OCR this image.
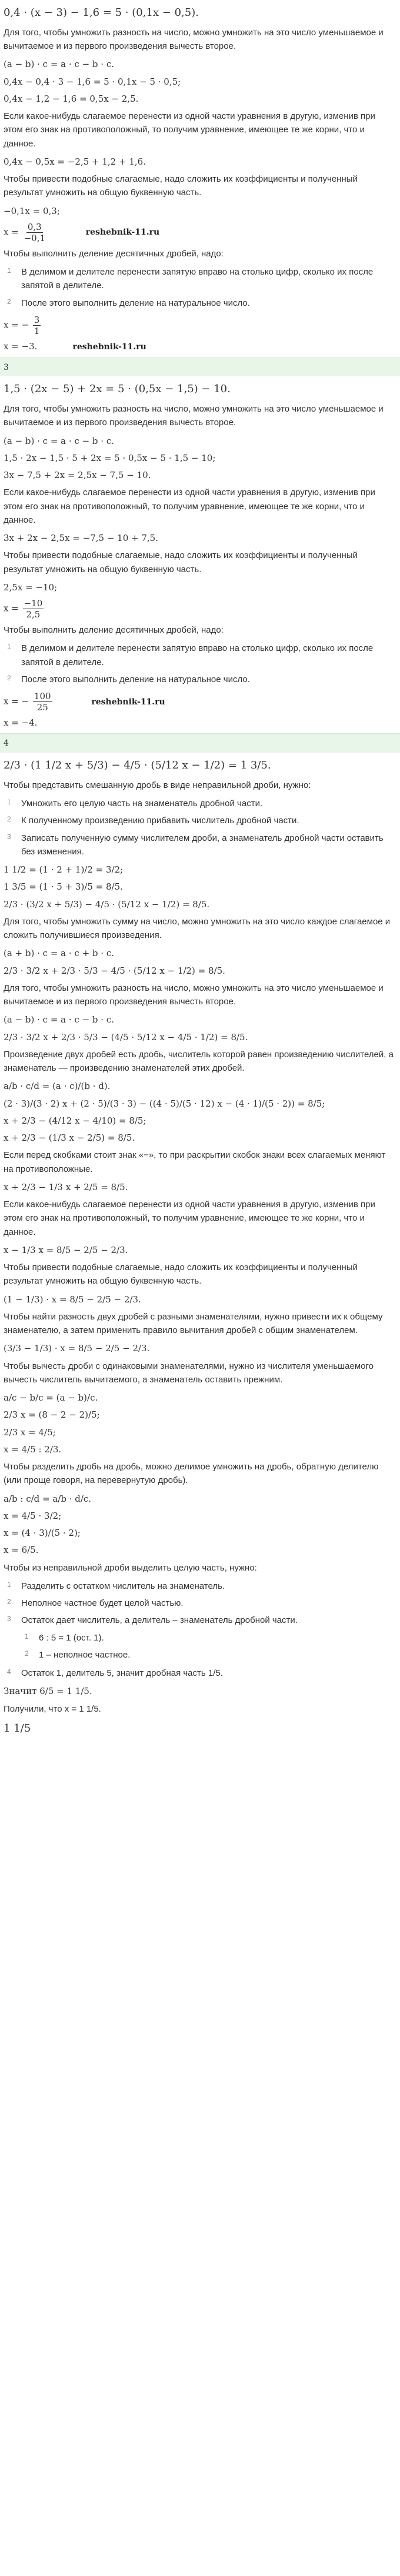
0,4 · (x − 3) − 1,6 = 5 · (0,1x − 0,5).

Для того, чтобы умножить разность на число, можно умножить на это число уменьшаемое и вычитаемое и из первого произведения вычесть второе.

(a − b) · c = a · c − b · c.
0,4x − 0,4 · 3 − 1,6 = 5 · 0,1x − 5 · 0,5;
0,4x − 1,2 − 1,6 = 0,5x − 2,5.

Если какое-нибудь слагаемое перенести из одной части уравнения в другую, изменив при этом его знак на противоположный, то получим уравнение, имеющее те же корни, что и данное.

0,4x − 0,5x = −2,5 + 1,2 + 1,6.

Чтобы привести подобные слагаемые, надо сложить их коэффициенты и полученный результат умножить на общую буквенную часть.

−0,1x = 0,3;
$x = \frac{0,3}{-0,1}$	reshebnik-11.ru

Чтобы выполнить деление десятичных дробей, надо:

В делимом и делителе перенести запятую вправо на столько цифр, сколько их после запятой в делителе.
После этого выполнить деление на натуральное число.
x = − $\frac{3}{1}$
x = −3.	reshebnik-11.ru
3
1,5 · (2x − 5) + 2x = 5 · (0,5x − 1,5) − 10.

Для того, чтобы умножить разность на число, можно умножить на это число уменьшаемое и вычитаемое и из первого произведения вычесть второе.

(a − b) · c = a · c − b · c.
1,5 · 2x − 1,5 · 5 + 2x = 5 · 0,5x − 5 · 1,5 − 10;
3x − 7,5 + 2x = 2,5x − 7,5 − 10.

Если какое-нибудь слагаемое перенести из одной части уравнения в другую, изменив при этом его знак на противоположный, то получим уравнение, имеющее те же корни, что и данное.

3x + 2x − 2,5x = −7,5 − 10 + 7,5.

Чтобы привести подобные слагаемые, надо сложить их коэффициенты и полученный результат умножить на общую буквенную часть.

2,5x = −10;
$x = \frac{-10}{2,5}$

Чтобы выполнить деление десятичных дробей, надо:

В делимом и делителе перенести запятую вправо на столько цифр, сколько их после запятой в делителе.
После этого выполнить деление на натуральное число.
x = − $\frac{100}{25}$	reshebnik-11.ru
x = −4.
4
2/3 · (1 1/2 x + 5/3) − 4/5 · (5/12 x − 1/2) = 1 3/5.

Чтобы представить смешанную дробь в виде неправильной дроби, нужно:

Умножить его целую часть на знаменатель дробной части.
К полученному произведению прибавить числитель дробной части.
Записать полученную сумму числителем дроби, а знаменатель дробной части оставить без изменения.
1 1/2 = (1 · 2 + 1)/2 = 3/2;
1 3/5 = (1 · 5 + 3)/5 = 8/5.
2/3 · (3/2 x + 5/3) − 4/5 · (5/12 x − 1/2) = 8/5.

Для того, чтобы умножить сумму на число, можно умножить на это число каждое слагаемое и сложить получившиеся произведения.

(a + b) · c = a · c + b · c.
2/3 · 3/2 x + 2/3 · 5/3 − 4/5 · (5/12 x − 1/2) = 8/5.

Для того, чтобы умножить разность на число, можно умножить на это число уменьшаемое и вычитаемое и из первого произведения вычесть второе.

(a − b) · c = a · c − b · c.
2/3 · 3/2 x + 2/3 · 5/3 − (4/5 · 5/12 x − 4/5 · 1/2) = 8/5.

Произведение двух дробей есть дробь, числитель которой равен произведению числителей, а знаменатель — произведению знаменателей этих дробей.

a/b · c/d = (a · c)/(b · d).
(2 · 3)/(3 · 2) x + (2 · 5)/(3 · 3) − ((4 · 5)/(5 · 12) x − (4 · 1)/(5 · 2)) = 8/5;
x + 2/3 − (4/12 x − 4/10) = 8/5;
x + 2/3 − (1/3 x − 2/5) = 8/5.

Если перед скобками стоит знак «−», то при раскрытии скобок знаки всех слагаемых меняют на противоположные.

x + 2/3 − 1/3 x + 2/5 = 8/5.

Если какое-нибудь слагаемое перенести из одной части уравнения в другую, изменив при этом его знак на противоположный, то получим уравнение, имеющее те же корни, что и данное.

x − 1/3 x = 8/5 − 2/5 − 2/3.

Чтобы привести подобные слагаемые, надо сложить их коэффициенты и полученный результат умножить на общую буквенную часть.

(1 − 1/3) · x = 8/5 − 2/5 − 2/3.

Чтобы найти разность двух дробей с разными знаменателями, нужно привести их к общему знаменателю, а затем применить правило вычитания дробей с общим знаменателем.

(3/3 − 1/3) · x = 8/5 − 2/5 − 2/3.

Чтобы вычесть дроби с одинаковыми знаменателями, нужно из числителя уменьшаемого вычесть числитель вычитаемого, а знаменатель оставить прежним.

a/c − b/c = (a − b)/c.
2/3 x = (8 − 2 − 2)/5;
2/3 x = 4/5;
x = 4/5 : 2/3.

Чтобы разделить дробь на дробь, можно делимое умножить на дробь, обратную делителю (или проще говоря, на перевернутую дробь).

a/b : c/d = a/b · d/c.
x = 4/5 · 3/2;
x = (4 · 3)/(5 · 2);
x = 6/5.

Чтобы из неправильной дроби выделить целую часть, нужно:

Разделить с остатком числитель на знаменатель.
Неполное частное будет целой частью.
Остаток дает числитель, а делитель – знаменатель дробной части.
6 : 5 = 1 (ост. 1).
1 – неполное частное.
Остаток 1, делитель 5, значит дробная часть 1/5.
Значит 6/5 = 1 1/5.

Получили, что x = 1 1/5.

1 1/5
